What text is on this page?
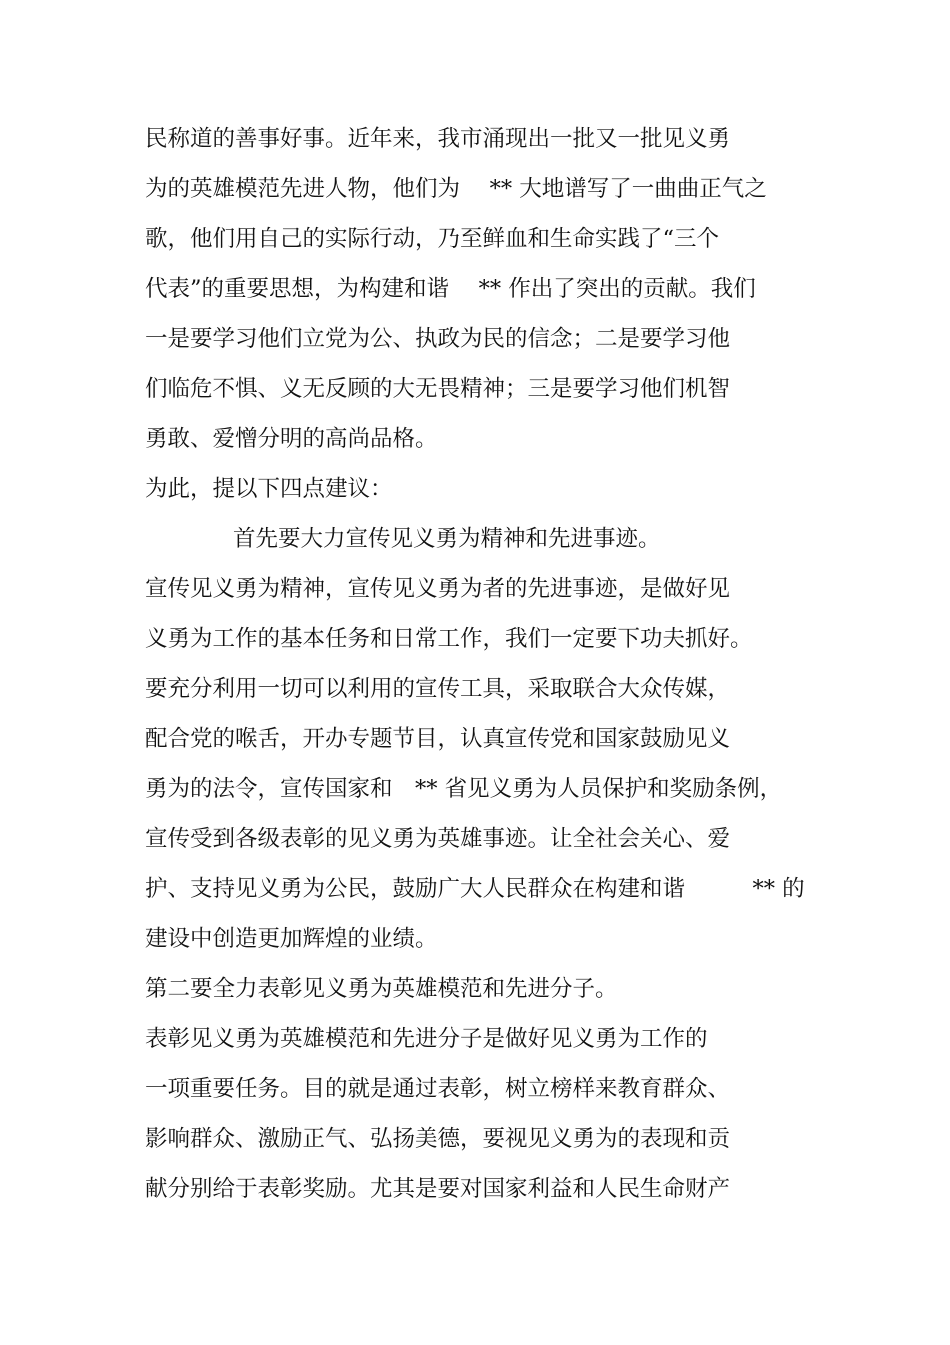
民称道的善事好事。近年来，我市涌现出一批又一批见义勇
为的英雄模范先进人物，他们为　 ** 大地谱写了一曲曲正气之
歌，他们用自己的实际行动，乃至鲜血和生命实践了“三个
代表”的重要思想，为构建和谐　 ** 作出了突出的贡献。我们
一是要学习他们立党为公、执政为民的信念；二是要学习他
们临危不惧、义无反顾的大无畏精神；三是要学习他们机智
勇敢、爱憎分明的高尚品格。
为此，提以下四点建议：
首先要大力宣传见义勇为精神和先进事迹。
宣传见义勇为精神，宣传见义勇为者的先进事迹，是做好见
义勇为工作的基本任务和日常工作，我们一定要下功夫抓好。
要充分利用一切可以利用的宣传工具，采取联合大众传媒，
配合党的喉舌，开办专题节目，认真宣传党和国家鼓励见义
勇为的法令，宣传国家和　** 省见义勇为人员保护和奖励条例，
宣传受到各级表彰的见义勇为英雄事迹。让全社会关心、爱
护、支持见义勇为公民，鼓励广大人民群众在构建和谐　　　** 的
建设中创造更加辉煌的业绩。
第二要全力表彰见义勇为英雄模范和先进分子。
表彰见义勇为英雄模范和先进分子是做好见义勇为工作的
一项重要任务。目的就是通过表彰，树立榜样来教育群众、
影响群众、激励正气、弘扬美德，要视见义勇为的表现和贡
献分别给于表彰奖励。尤其是要对国家利益和人民生命财产
